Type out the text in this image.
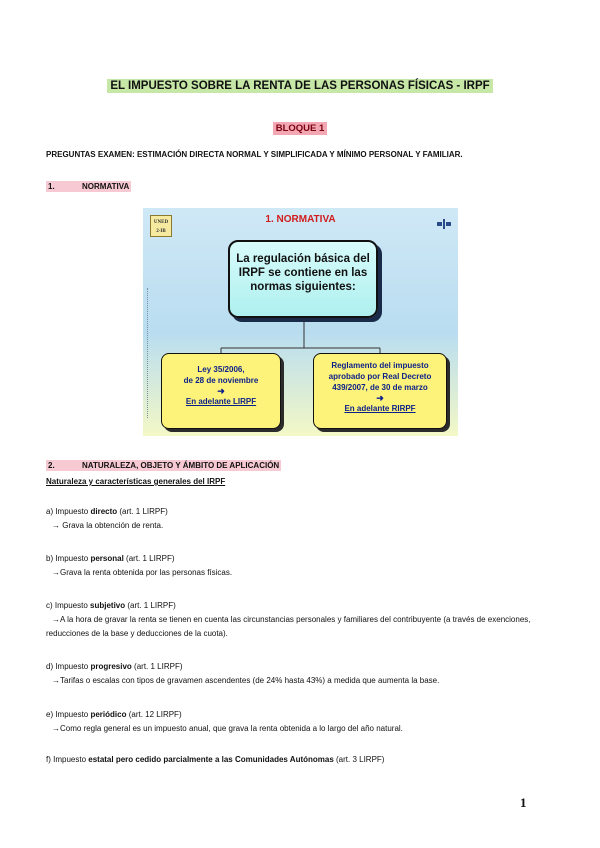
EL IMPUESTO SOBRE LA RENTA DE LAS PERSONAS FÍSICAS - IRPF
BLOQUE 1
PREGUNTAS EXAMEN: ESTIMACIÓN DIRECTA NORMAL Y SIMPLIFICADA Y MÍNIMO PERSONAL Y FAMILIAR.
1.	NORMATIVA
UNED
2-IB
1. NORMATIVA
La regulación básica del IRPF se contiene en las normas siguientes:
Ley 35/2006,
de 28 de noviembre
➜
En adelante LIRPF
Reglamento del impuesto aprobado por Real Decreto 439/2007, de 30 de marzo
➜
En adelante RIRPF
2.	NATURALEZA, OBJETO Y ÁMBITO DE APLICACIÓN
Naturaleza y características generales del IRPF
a) Impuesto directo (art. 1 LIRPF)
→ Grava la obtención de renta.
b) Impuesto personal (art. 1 LIRPF)
→Grava la renta obtenida por las personas físicas.
c) Impuesto subjetivo (art. 1 LIRPF)
→A la hora de gravar la renta se tienen en cuenta las circunstancias personales y familiares del contribuyente (a través de exenciones, reducciones de la base y deducciones de la cuota).
d) Impuesto progresivo (art. 1 LIRPF)
→Tarifas o escalas con tipos de gravamen ascendentes (de 24% hasta 43%) a medida que aumenta la base.
e) Impuesto periódico (art. 12 LIRPF)
→Como regla general es un impuesto anual, que grava la renta obtenida a lo largo del año natural.
f) Impuesto estatal pero cedido parcialmente a las Comunidades Autónomas (art. 3 LIRPF)
1
